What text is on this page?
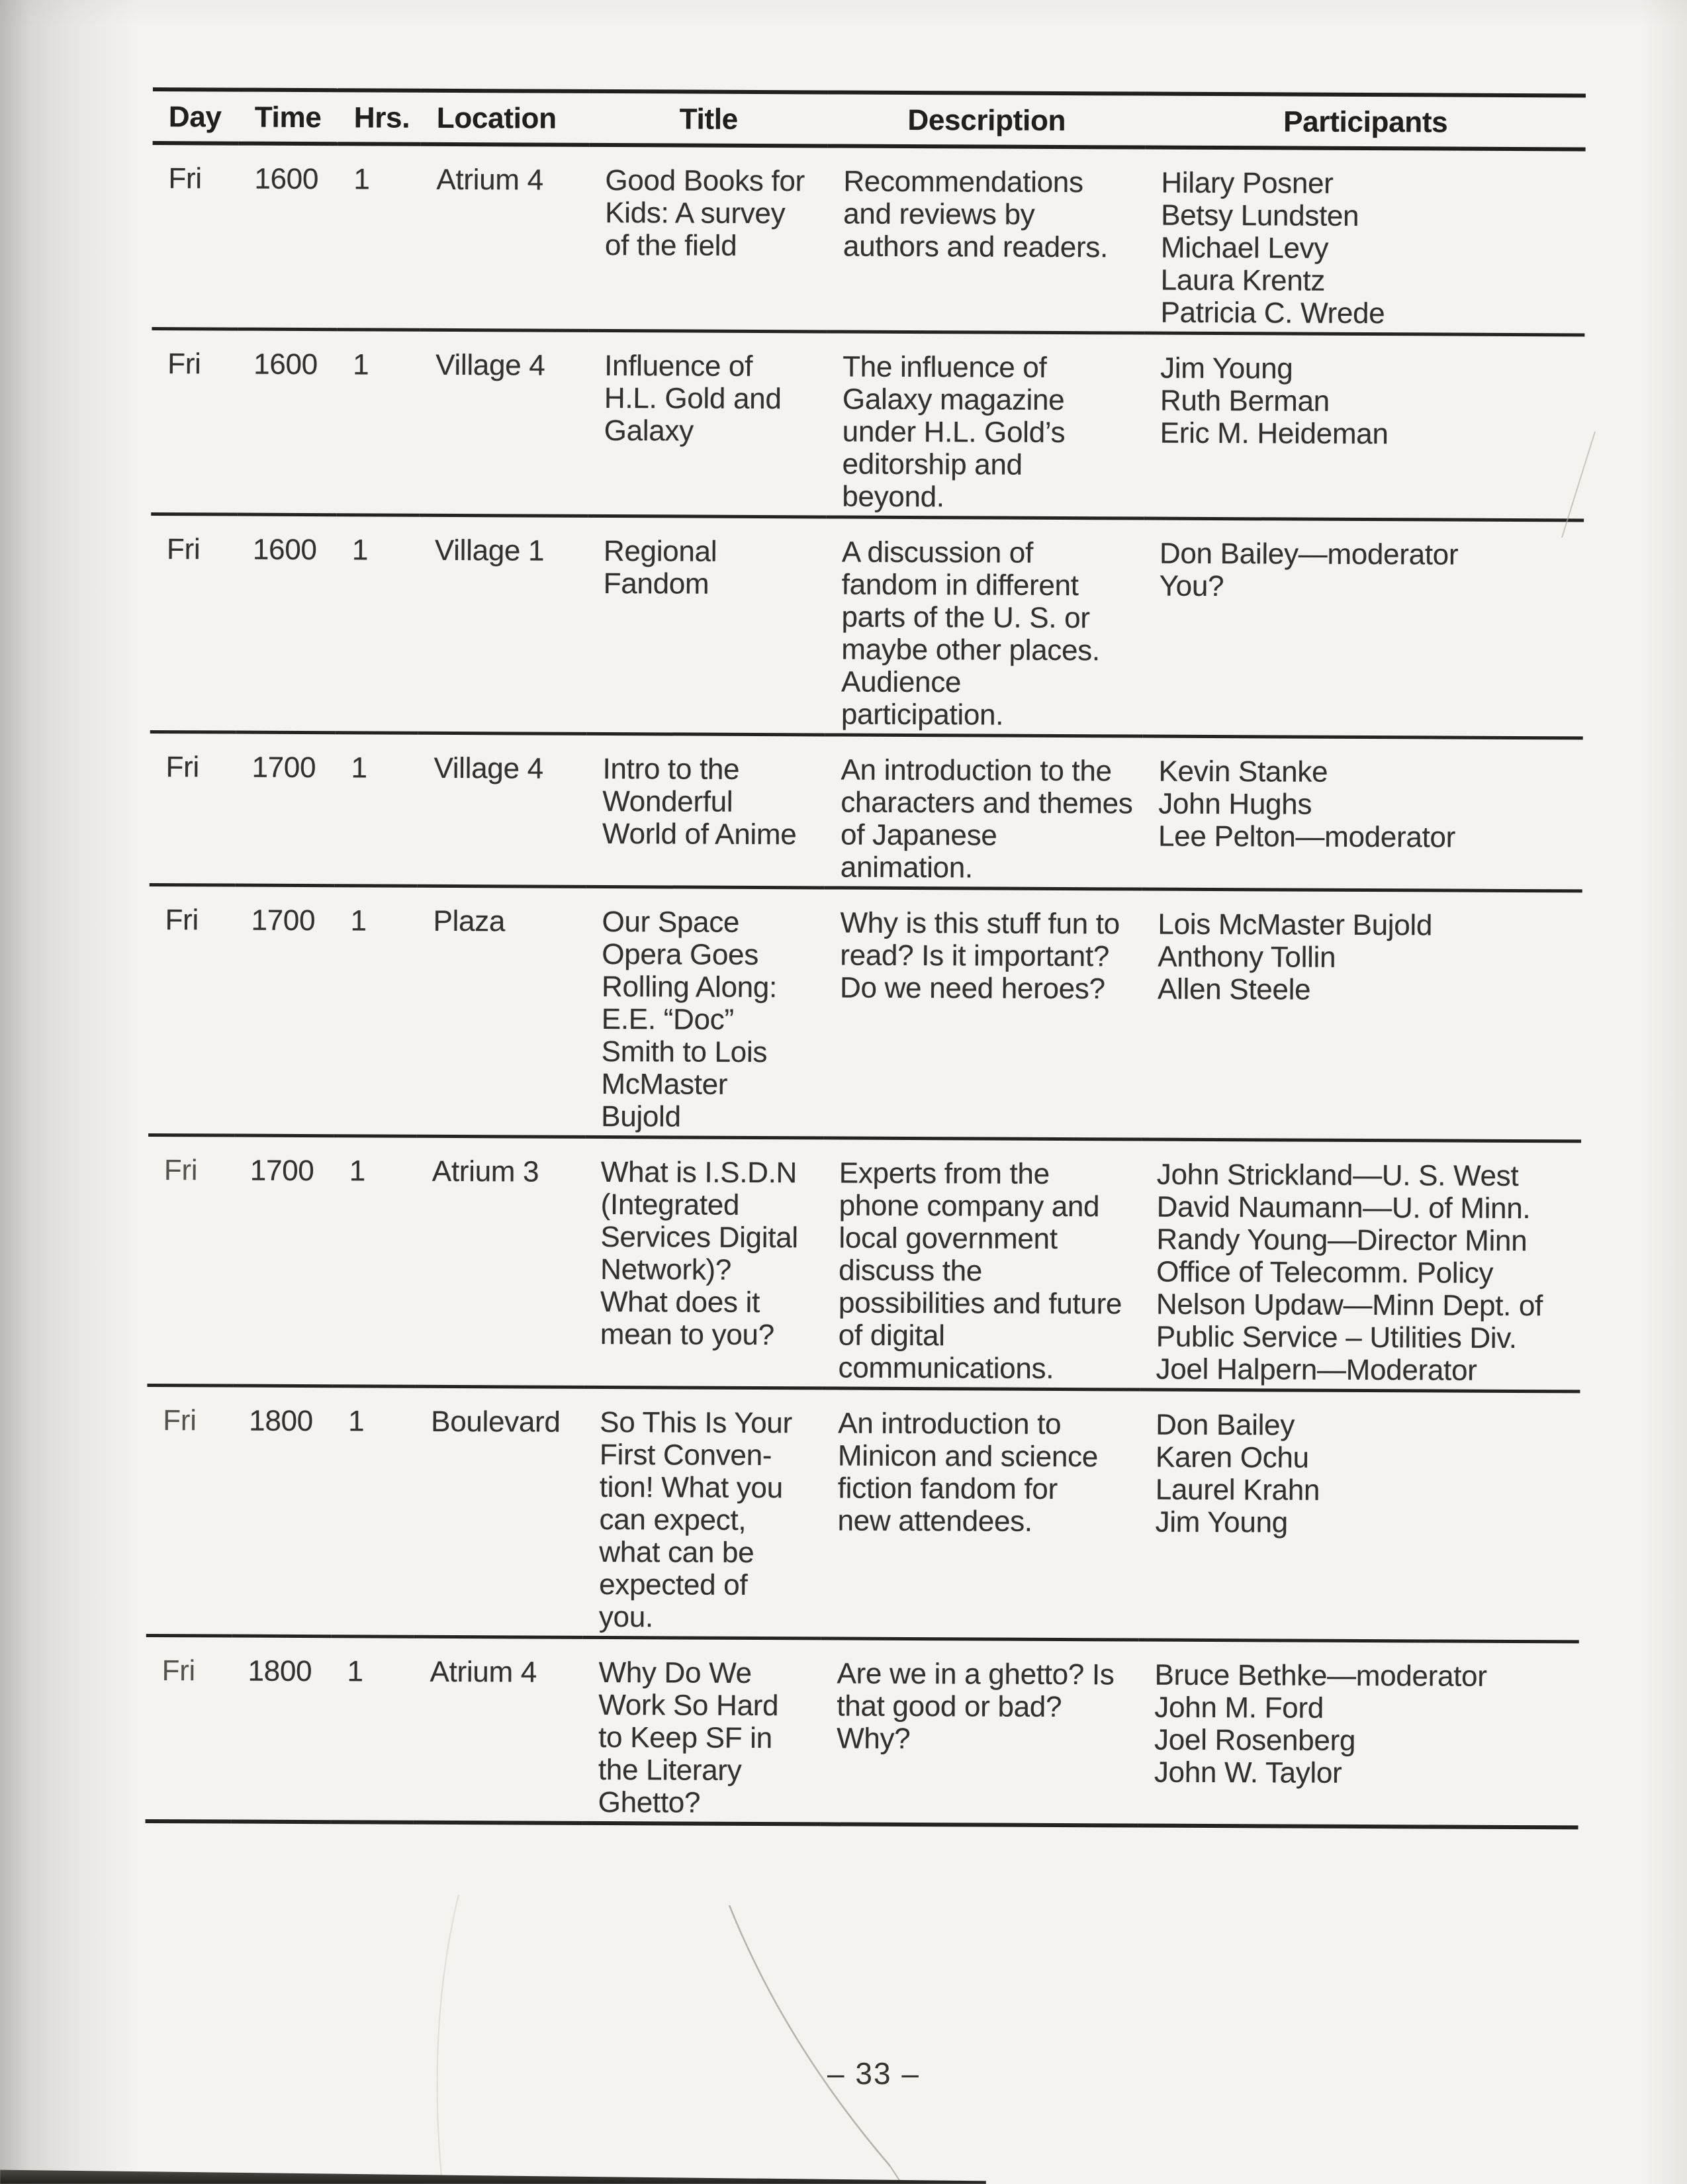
Day	Time	Hrs.	Location	Title	Description	Participants
Fri	1600	1	Atrium 4	Good Books for
Kids: A survey
of the field	Recommendations
and reviews by
authors and readers.	Hilary Posner
Betsy Lundsten
Michael Levy
Laura Krentz
Patricia C. Wrede
Fri	1600	1	Village 4	Influence of
H.L. Gold and
Galaxy	The influence of
Galaxy magazine
under H.L. Gold’s
editorship and
beyond.	Jim Young
Ruth Berman
Eric M. Heideman
Fri	1600	1	Village 1	Regional
Fandom	A discussion of
fandom in different
parts of the U. S. or
maybe other places.
Audience
participation.	Don Bailey—moderator
You?
Fri	1700	1	Village 4	Intro to the
Wonderful
World of Anime	An introduction to the
characters and themes
of Japanese
animation.	Kevin Stanke
John Hughs
Lee Pelton—moderator
Fri	1700	1	Plaza	Our Space
Opera Goes
Rolling Along:
E.E. “Doc”
Smith to Lois
McMaster
Bujold	Why is this stuff fun to
read? Is it important?
Do we need heroes?	Lois McMaster Bujold
Anthony Tollin
Allen Steele
Fri	1700	1	Atrium 3	What is I.S.D.N
(Integrated
Services Digital
Network)?
What does it
mean to you?	Experts from the
phone company and
local government
discuss the
possibilities and future
of digital
communications.	John Strickland—U. S. West
David Naumann—U. of Minn.
Randy Young—Director Minn
Office of Telecomm. Policy
Nelson Updaw—Minn Dept. of
Public Service – Utilities Div.
Joel Halpern—Moderator
Fri	1800	1	Boulevard	So This Is Your
First Conven-
tion! What you
can expect,
what can be
expected of
you.	An introduction to
Minicon and science
fiction fandom for
new attendees.	Don Bailey
Karen Ochu
Laurel Krahn
Jim Young
Fri	1800	1	Atrium 4	Why Do We
Work So Hard
to Keep SF in
the Literary
Ghetto?	Are we in a ghetto? Is
that good or bad?
Why?	Bruce Bethke—moderator
John M. Ford
Joel Rosenberg
John W. Taylor
– 33 –
